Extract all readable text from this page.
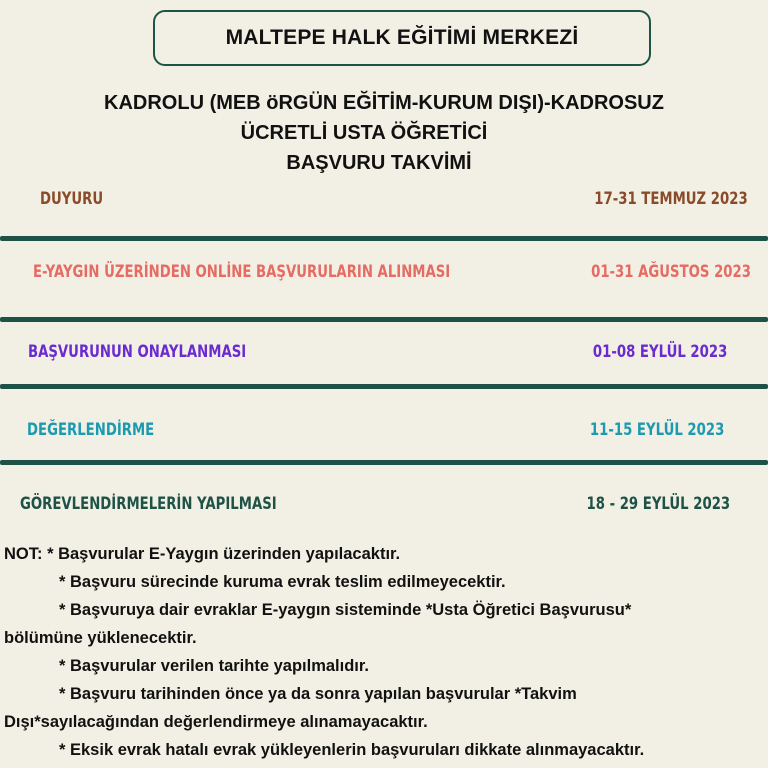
MALTEPE HALK EĞİTİMİ MERKEZİ
KADROLU (MEB öRGÜN EĞİTİM-KURUM DIŞI)-KADROSUZ
ÜCRETLİ USTA ÖĞRETİCİ
BAŞVURU TAKVİMİ
DUYURU	17-31 TEMMUZ 2023
E-YAYGIN ÜZERİNDEN ONLİNE BAŞVURULARIN ALINMASI	01-31 AĞUSTOS 2023
BAŞVURUNUN ONAYLANMASI	01-08 EYLÜL 2023
DEĞERLENDİRME	11-15 EYLÜL 2023
GÖREVLENDİRMELERİN YAPILMASI	18 - 29 EYLÜL 2023
NOT: * Başvurular E-Yaygın üzerinden yapılacaktır.
* Başvuru sürecinde kuruma evrak teslim edilmeyecektir.
* Başvuruya dair evraklar E-yaygın sisteminde *Usta Öğretici Başvurusu*
bölümüne yüklenecektir.
* Başvurular verilen tarihte yapılmalıdır.
* Başvuru tarihinden önce ya da sonra yapılan başvurular *Takvim
Dışı*sayılacağından değerlendirmeye alınamayacaktır.
* Eksik evrak hatalı evrak yükleyenlerin başvuruları dikkate alınmayacaktır.
